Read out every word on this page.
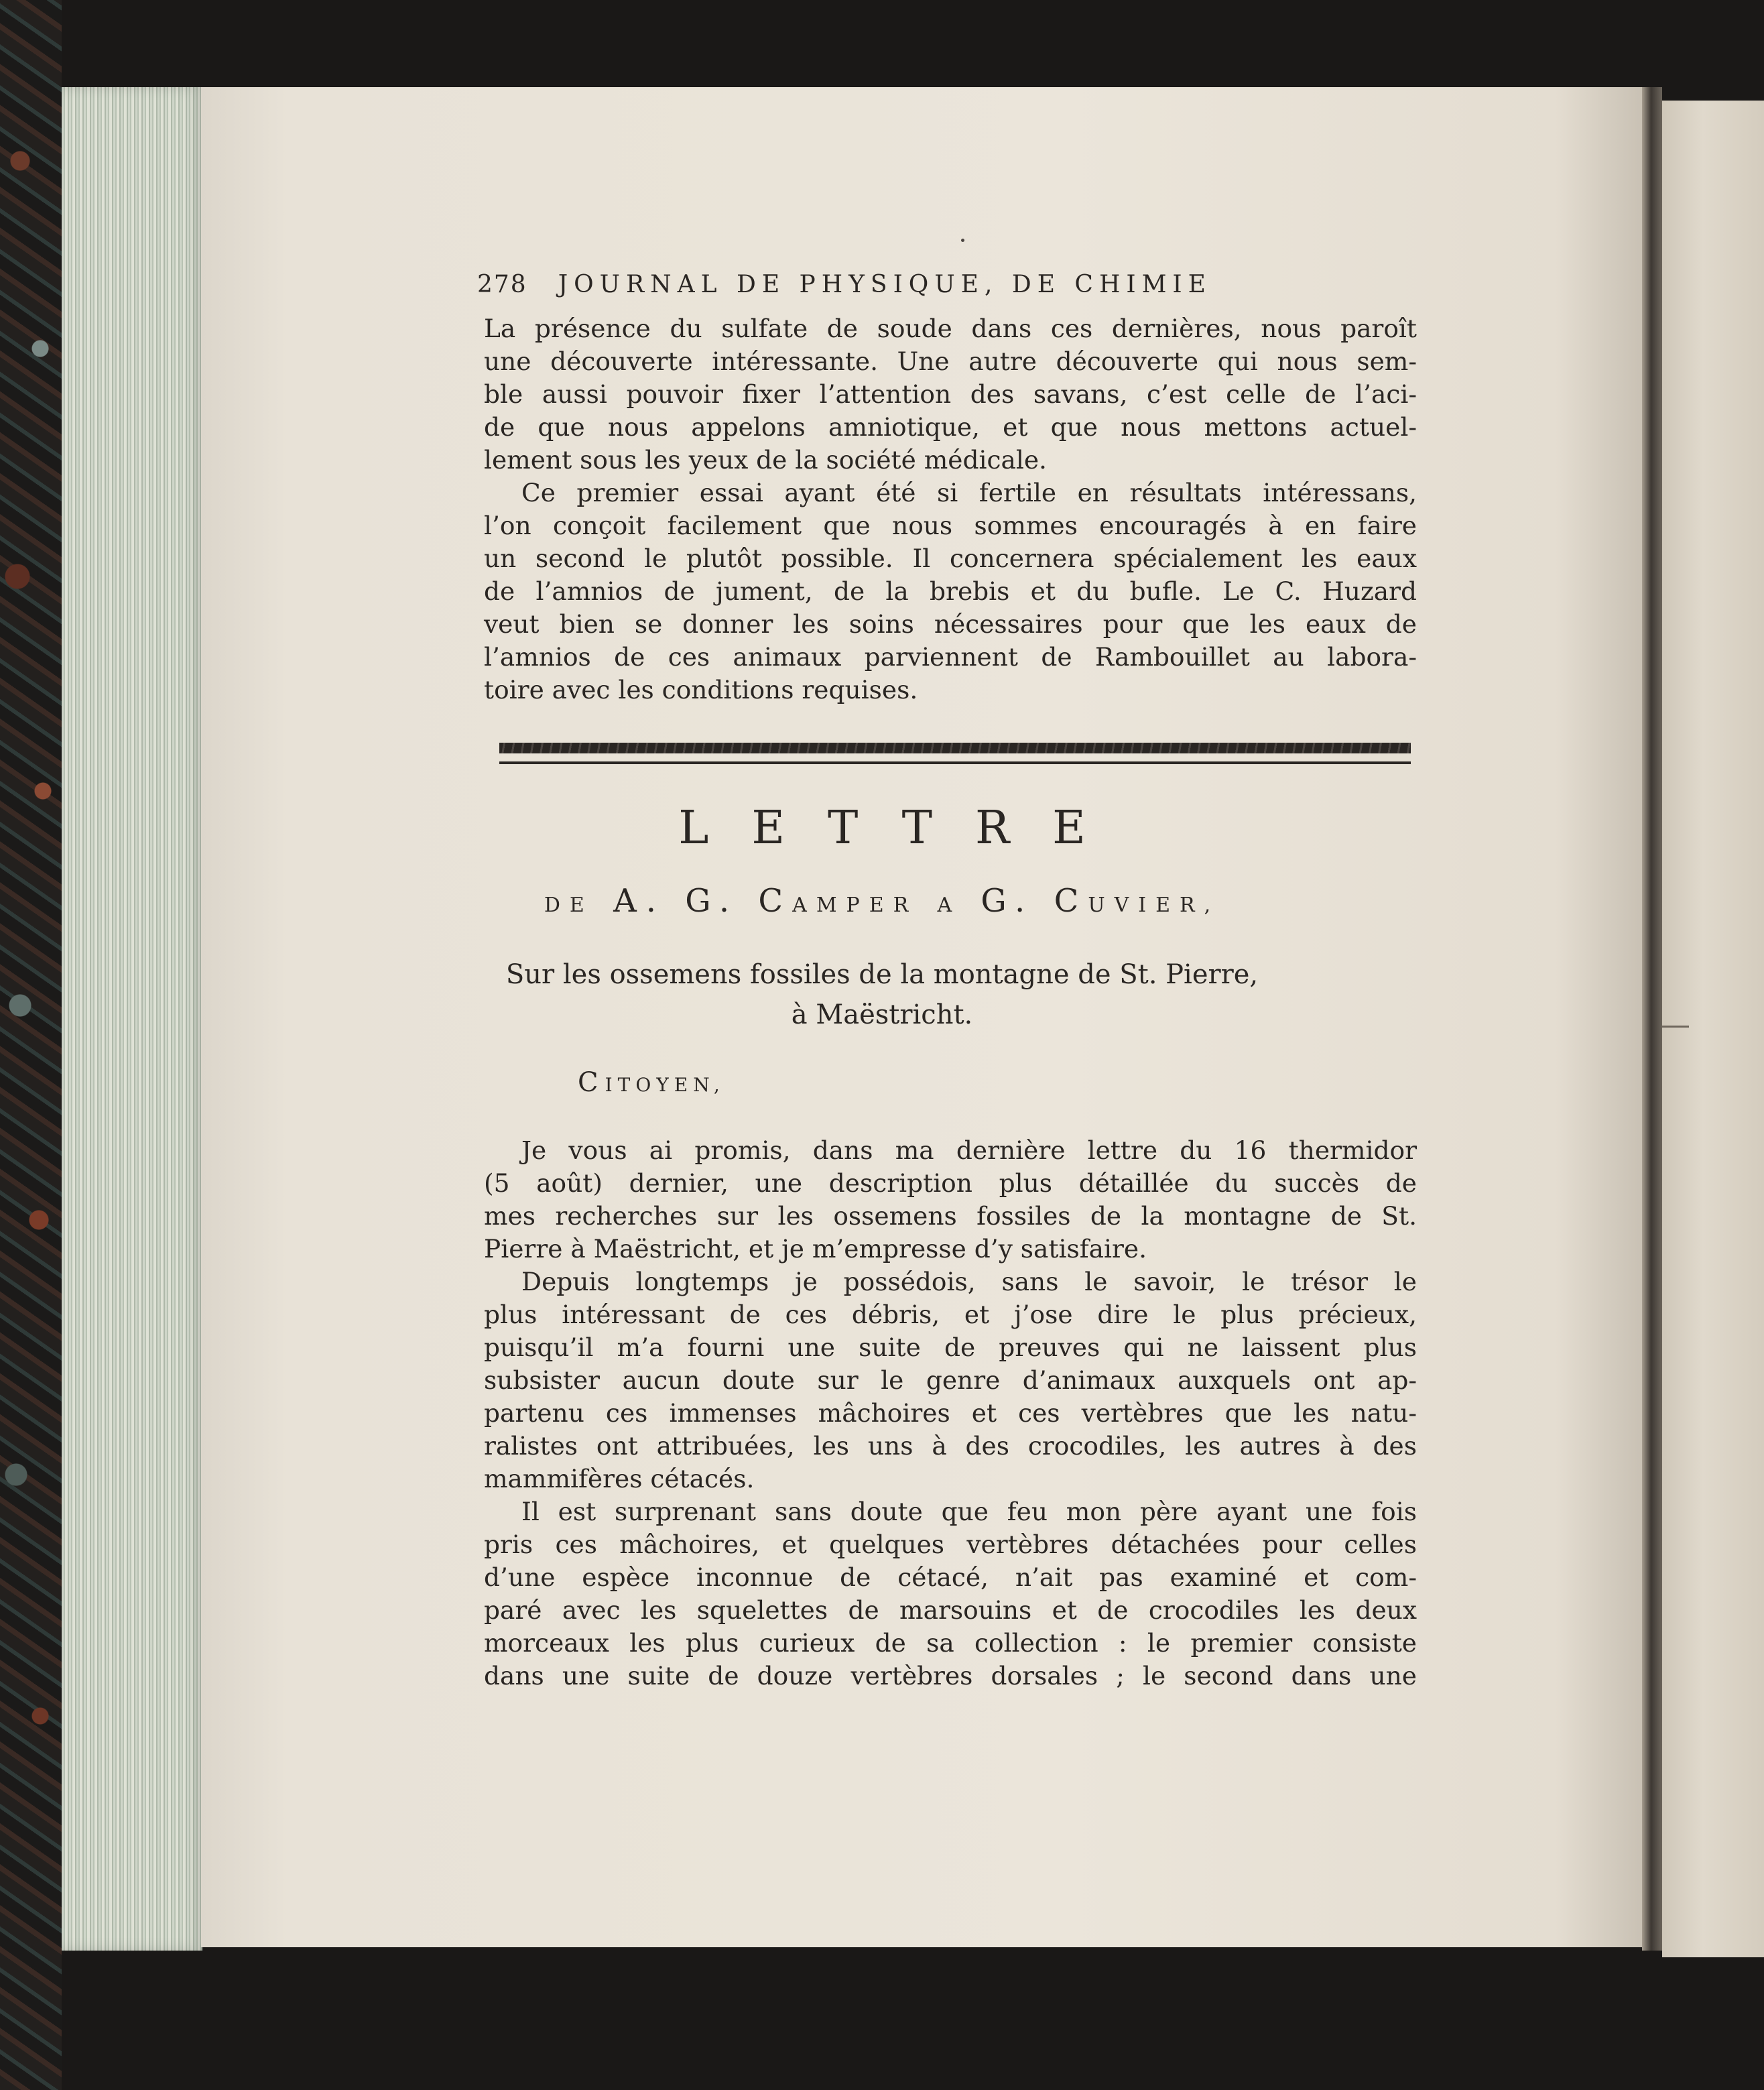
278 JOURNAL DE PHYSIQUE, DE CHIMIE
La présence du sulfate de soude dans ces dernières, nous paroît
une découverte intéressante. Une autre découverte qui nous sem-
ble aussi pouvoir fixer l’attention des savans, c’est celle de l’aci-
de que nous appelons amniotique, et que nous mettons actuel-
lement sous les yeux de la société médicale.
Ce premier essai ayant été si fertile en résultats intéressans,
l’on conçoit facilement que nous sommes encouragés à en faire
un second le plutôt possible. Il concernera spécialement les eaux
de l’amnios de jument, de la brebis et du bufle. Le C. Huzard
veut bien se donner les soins nécessaires pour que les eaux de
l’amnios de ces animaux parviennent de Rambouillet au labora-
toire avec les conditions requises.
LETTRE
DE A. G. CAMPER A G. CUVIER,
Sur les ossemens fossiles de la montagne de St. Pierre,
à Maëstricht.
CITOYEN,
Je vous ai promis, dans ma dernière lettre du 16 thermidor
(5 août) dernier, une description plus détaillée du succès de
mes recherches sur les ossemens fossiles de la montagne de St.
Pierre à Maëstricht, et je m’empresse d’y satisfaire.
Depuis longtemps je possédois, sans le savoir, le trésor le
plus intéressant de ces débris, et j’ose dire le plus précieux,
puisqu’il m’a fourni une suite de preuves qui ne laissent plus
subsister aucun doute sur le genre d’animaux auxquels ont ap-
partenu ces immenses mâchoires et ces vertèbres que les natu-
ralistes ont attribuées, les uns à des crocodiles, les autres à des
mammifères cétacés.
Il est surprenant sans doute que feu mon père ayant une fois
pris ces mâchoires, et quelques vertèbres détachées pour celles
d’une espèce inconnue de cétacé, n’ait pas examiné et com-
paré avec les squelettes de marsouins et de crocodiles les deux
morceaux les plus curieux de sa collection : le premier consiste
dans une suite de douze vertèbres dorsales ; le second dans une
